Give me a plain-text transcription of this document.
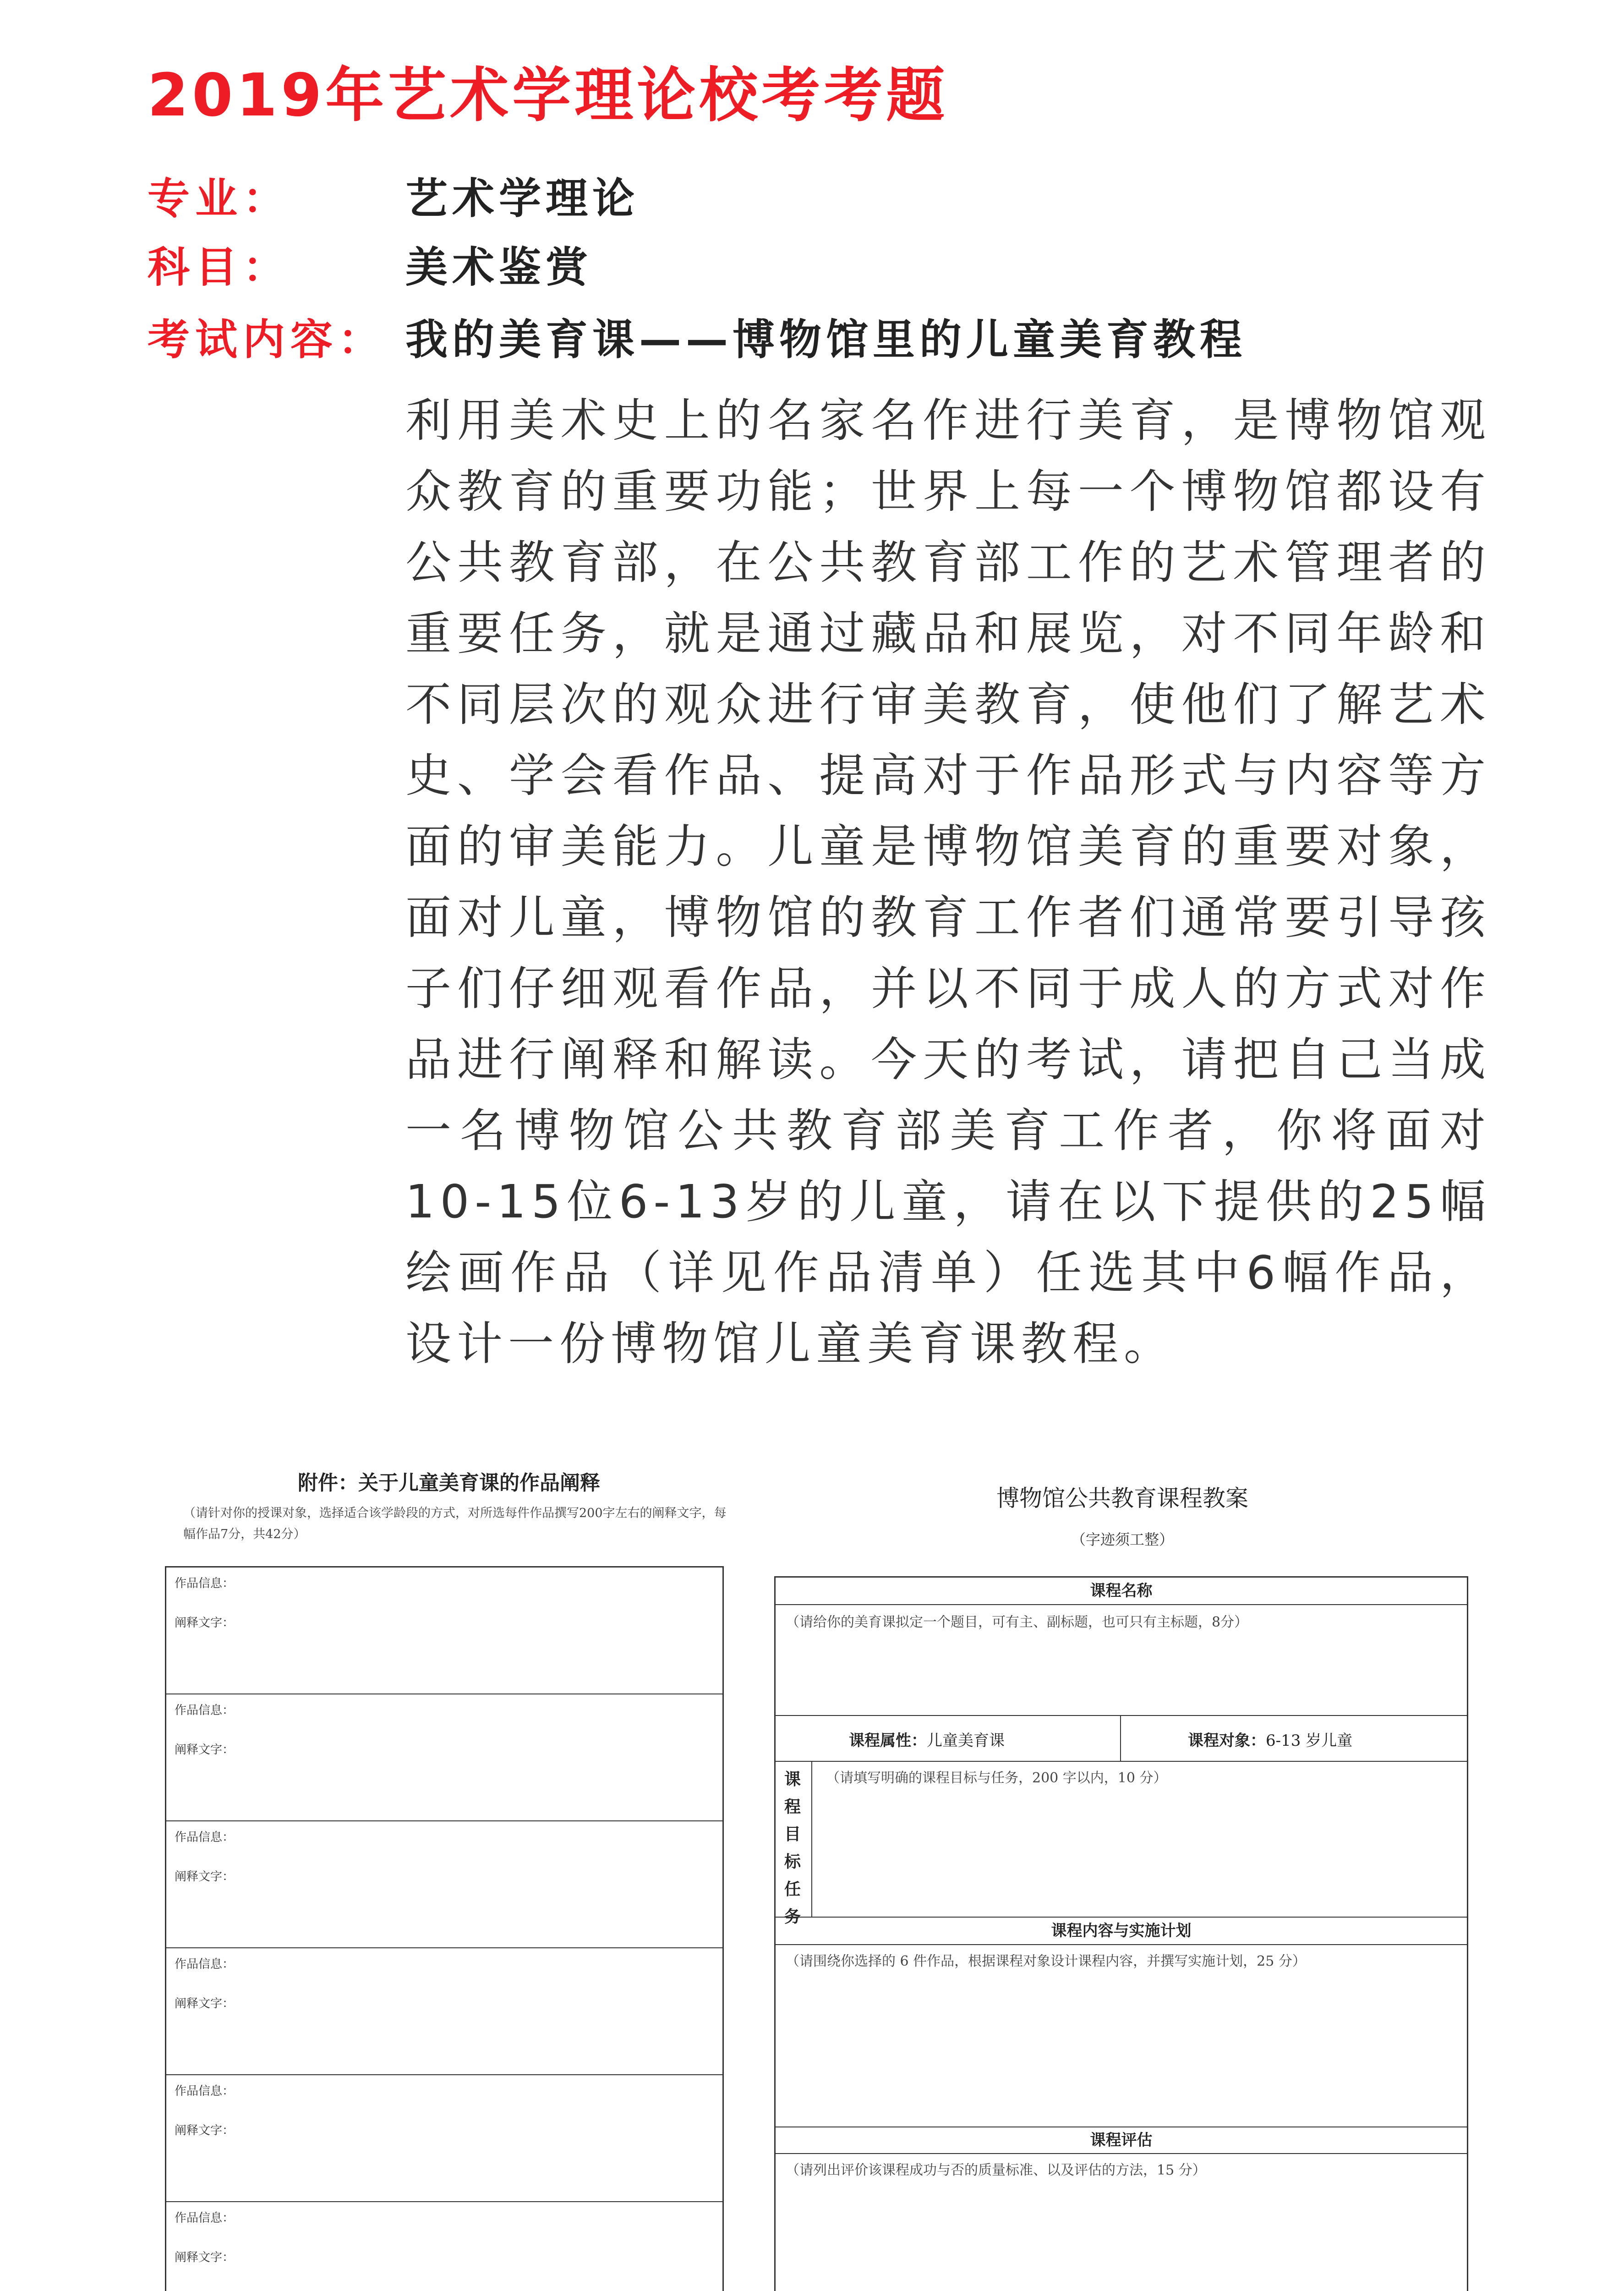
2019年艺术学理论校考考题
专业：	艺术学理论
科目：	美术鉴赏
考试内容： 我的美育课——博物馆里的儿童美育教程

利用美术史上的名家名作进行美育，是博物馆观众教育的重要功能；世界上每一个博物馆都设有公共教育部，在公共教育部工作的艺术管理者的重要任务，就是通过藏品和展览，对不同年龄和不同层次的观众进行审美教育，使他们了解艺术史、学会看作品、提高对于作品形式与内容等方面的审美能力。儿童是博物馆美育的重要对象，面对儿童，博物馆的教育工作者们通常要引导孩子们仔细观看作品，并以不同于成人的方式对作品进行阐释和解读。今天的考试，请把自己当成一名博物馆公共教育部美育工作者，你将面对10-15位6-13岁的儿童，请在以下提供的25幅绘画作品（详见作品清单）任选其中6幅作品，设计一份博物馆儿童美育课教程。

附件：关于儿童美育课的作品阐释
（请针对你的授课对象，选择适合该学龄段的方式，对所选每件作品撰写200字左右的阐释文字，每幅作品7分，共42分）
作品信息：
阐释文字：
作品信息：
阐释文字：
作品信息：
阐释文字：
作品信息：
阐释文字：
作品信息：
阐释文字：
作品信息：
阐释文字：
博物馆公共教育课程教案
（字迹须工整）
课程名称
（请给你的美育课拟定一个题目，可有主、副标题，也可只有主标题，8分）
课程属性：儿童美育课	课程对象：6-13 岁儿童
课
程
目
标
任
务
（请填写明确的课程目标与任务，200 字以内，10 分）
课程内容与实施计划
（请围绕你选择的 6 件作品，根据课程对象设计课程内容，并撰写实施计划，25 分）
课程评估
（请列出评价该课程成功与否的质量标准、以及评估的方法，15 分）
